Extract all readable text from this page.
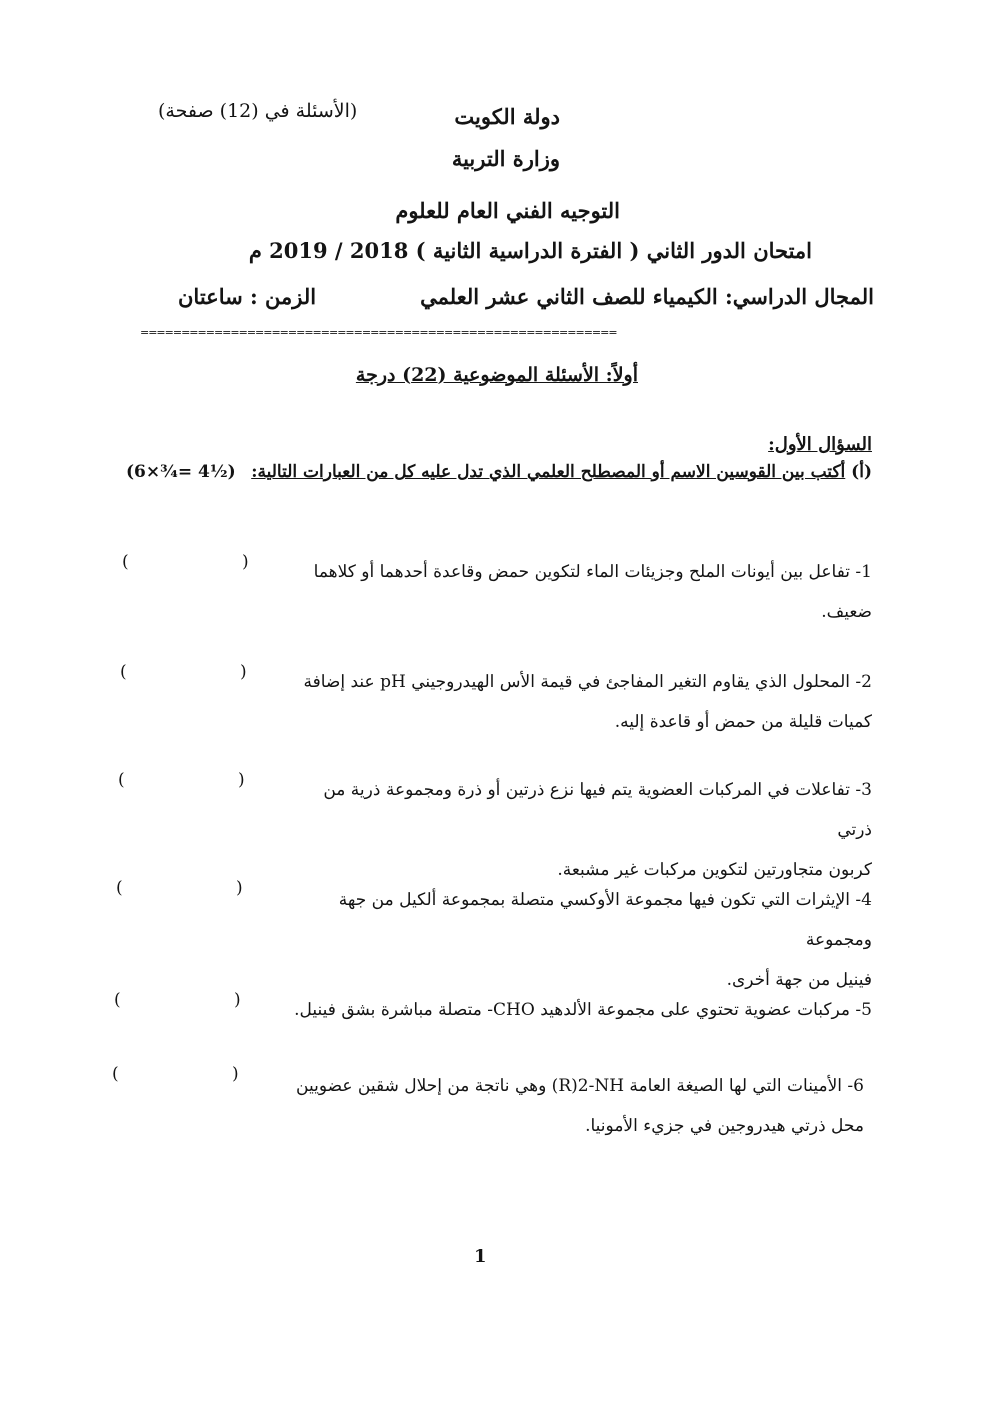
دولة الكويت
(الأسئلة في (12) صفحة)
وزارة التربية
التوجيه الفني العام للعلوم
امتحان الدور الثاني ( الفترة الدراسية الثانية ) 2018 / 2019 م
المجال الدراسي: الكيمياء للصف الثاني عشر العلمي
الزمن : ساعتان
==========================================================
أولاً: الأسئلة الموضوعية (22) درجة
السؤال الأول:
(أ) أكتب بين القوسين الاسم أو المصطلح العلمي الذي تدل عليه كل من العبارات التالية:
(6×¾= 4½)
1- تفاعل بين أيونات الملح وجزيئات الماء لتكوين حمض وقاعدة أحدهما أو كلاهما
ضعيف.
(
)
2- المحلول الذي يقاوم التغير المفاجئ في قيمة الأس الهيدروجيني pH عند إضافة
كميات قليلة من حمض أو قاعدة إليه.
(
)
3- تفاعلات في المركبات العضوية يتم فيها نزع ذرتين أو ذرة ومجموعة ذرية من ذرتي
كربون متجاورتين لتكوين مركبات غير مشبعة.
(
)
4- الإيثرات التي تكون فيها مجموعة الأوكسي متصلة بمجموعة ألكيل من جهة ومجموعة
فينيل من جهة أخرى.
(
)
5- مركبات عضوية تحتوي على مجموعة الألدهيد CHO- متصلة مباشرة بشق فينيل.
(
)
6- الأمينات التي لها الصيغة العامة R)2-NH) وهي ناتجة من إحلال شقين عضويين
محل ذرتي هيدروجين في جزيء الأمونيا.
(
)
1
